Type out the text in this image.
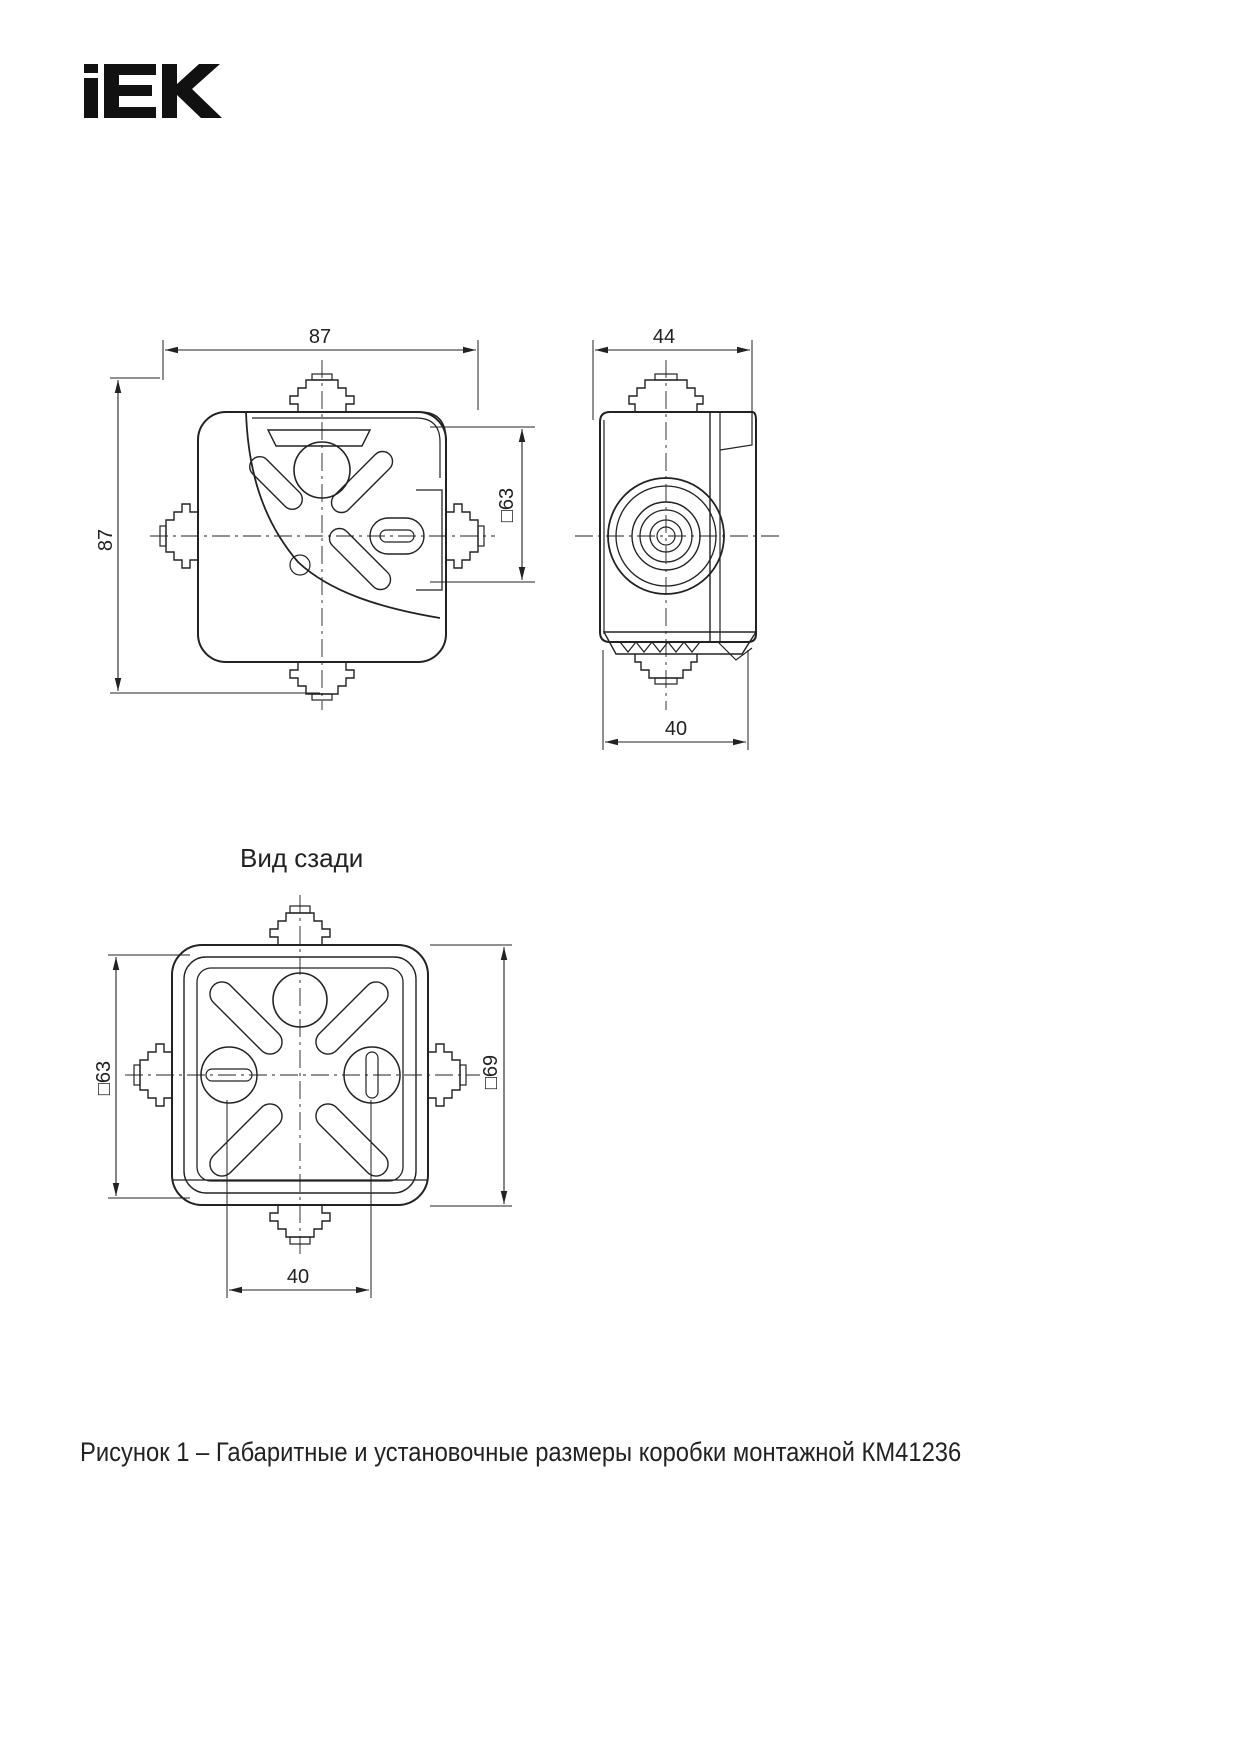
87
87
□63
44
40
□63	□69
40
Вид сзади
Рисунок 1 – Габаритные и установочные размеры коробки монтажной КМ41236
